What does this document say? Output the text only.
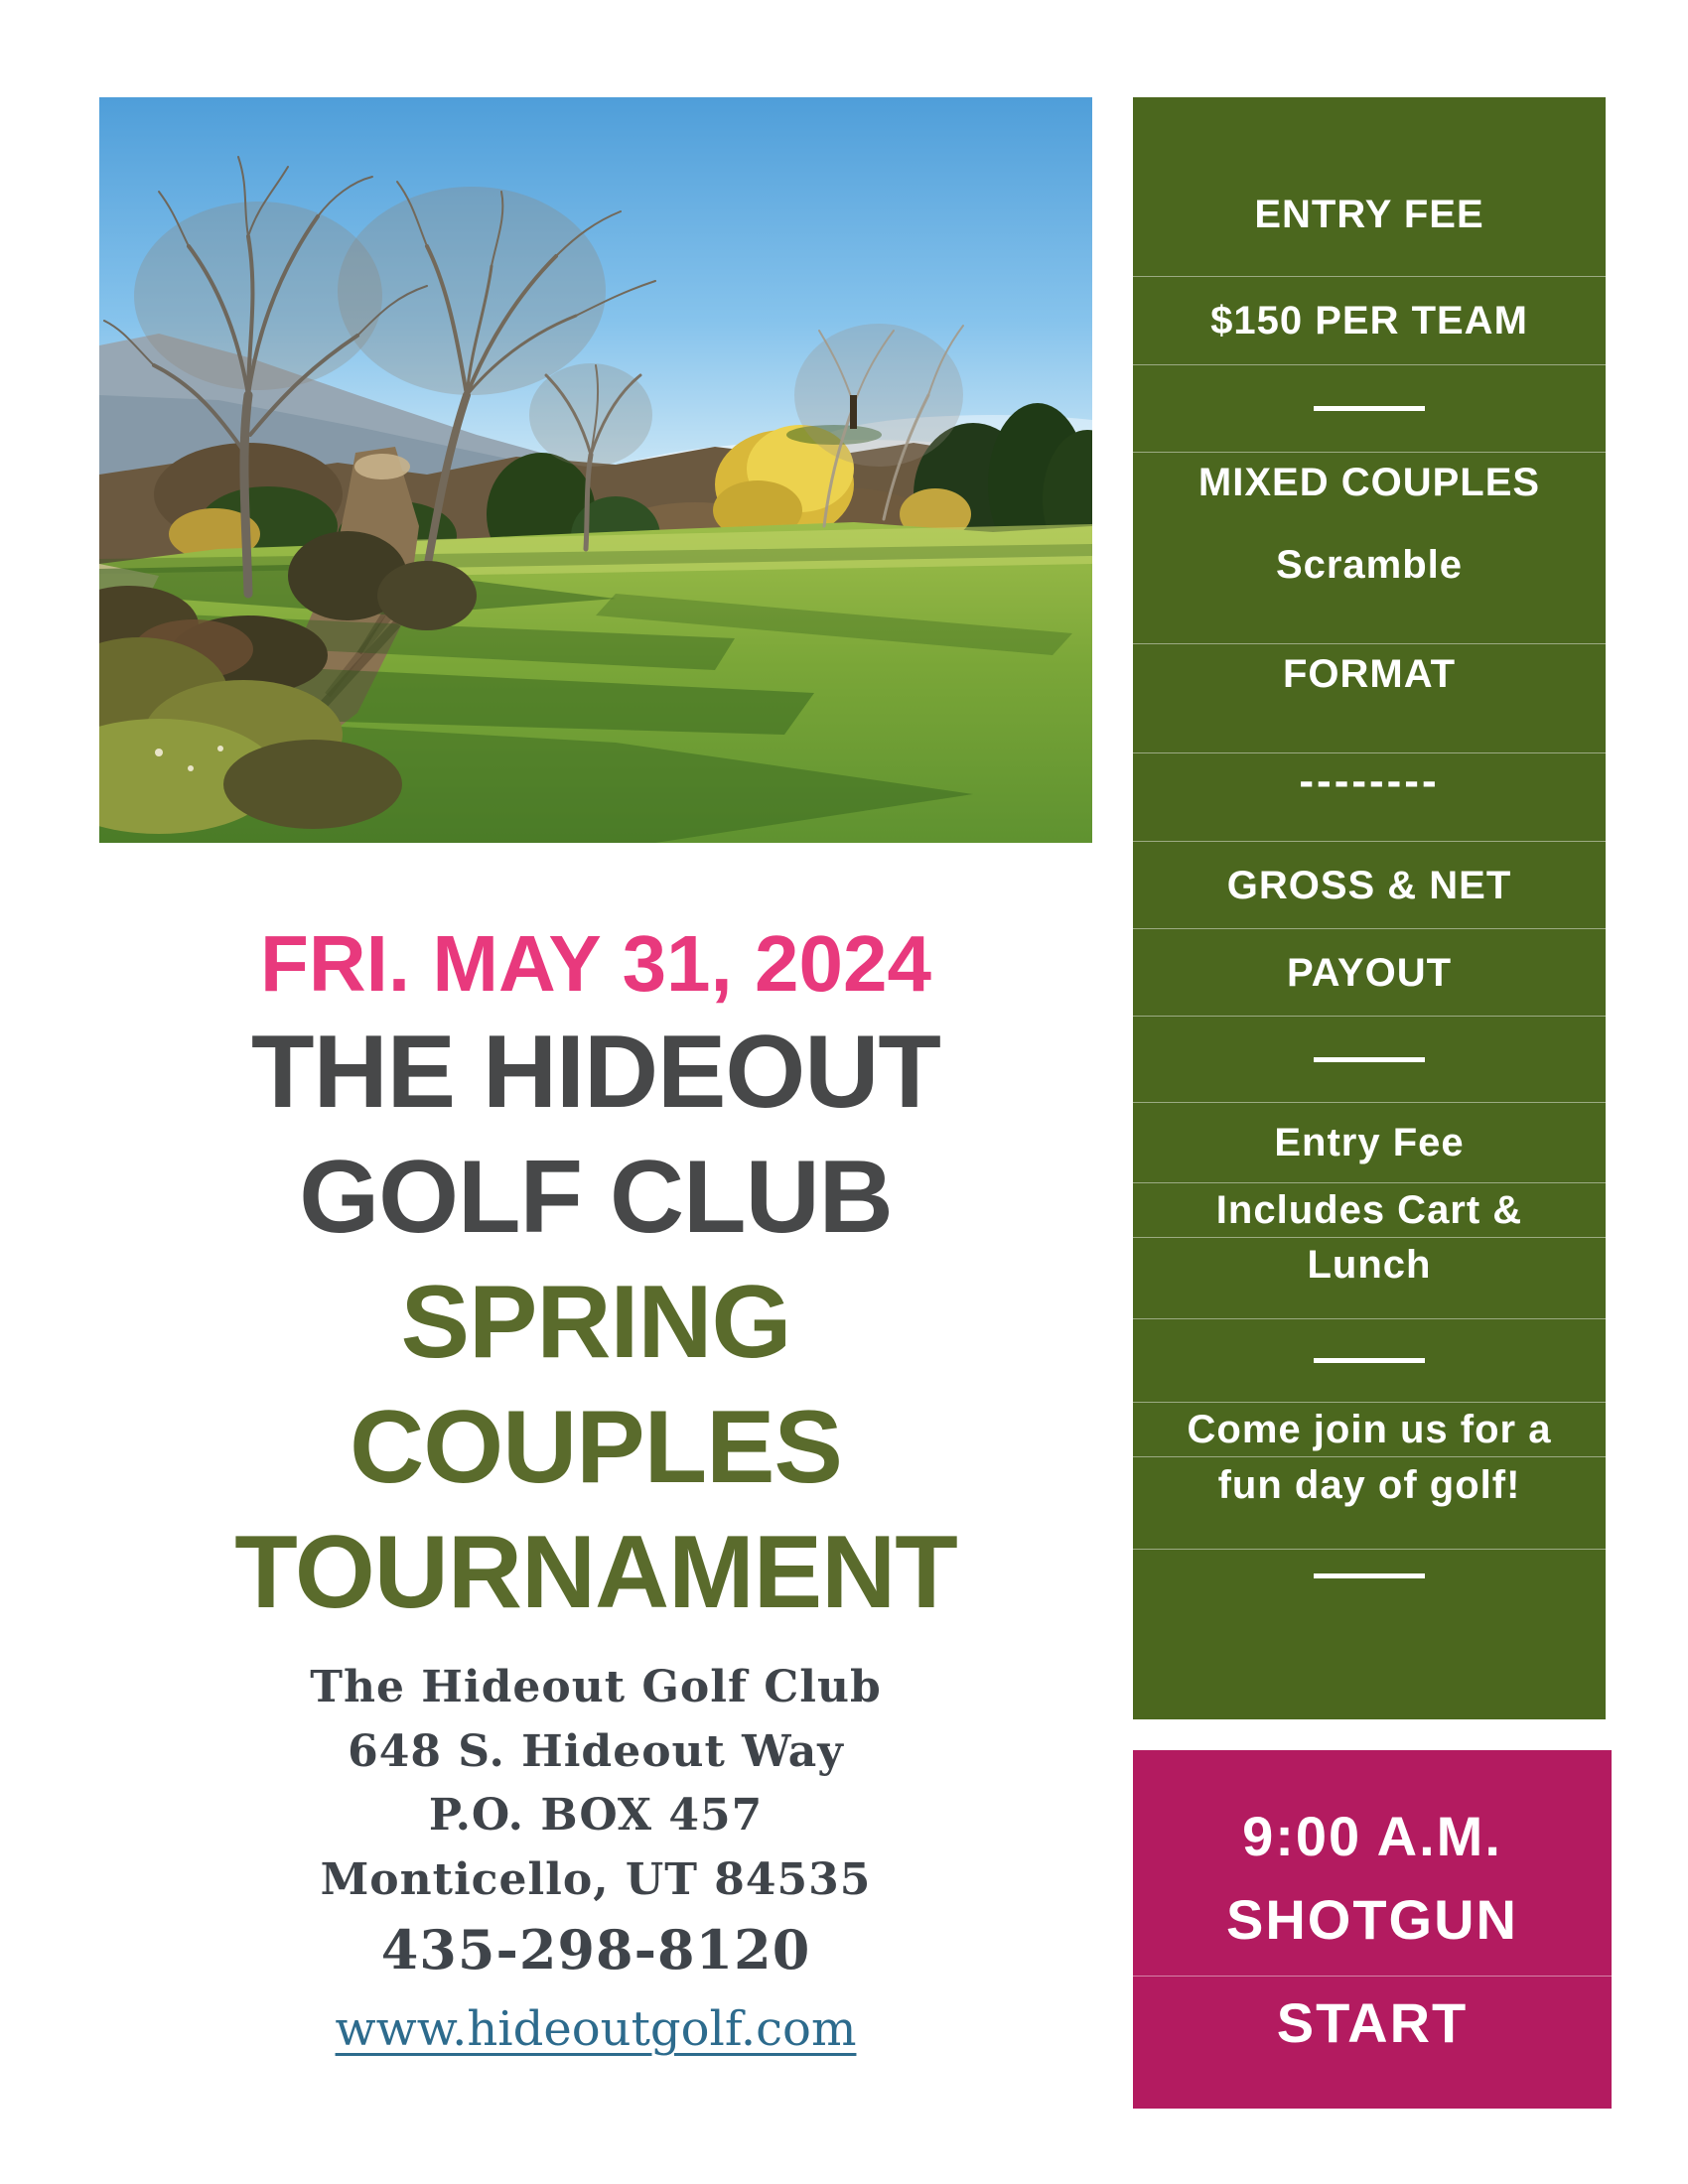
FRI. MAY 31, 2024
THE HIDEOUT
GOLF CLUB
SPRING
COUPLES
TOURNAMENT
The Hideout Golf Club
648 S. Hideout Way
P.O. BOX 457
Monticello, UT 84535
435-298-8120
www.hideoutgolf.com
ENTRY FEE
$150 PER TEAM
MIXED COUPLES
Scramble
FORMAT
--------
GROSS & NET
PAYOUT
Entry Fee
Includes Cart &
Lunch
Come join us for a
fun day of golf!
9:00 A.M.
SHOTGUN
START
